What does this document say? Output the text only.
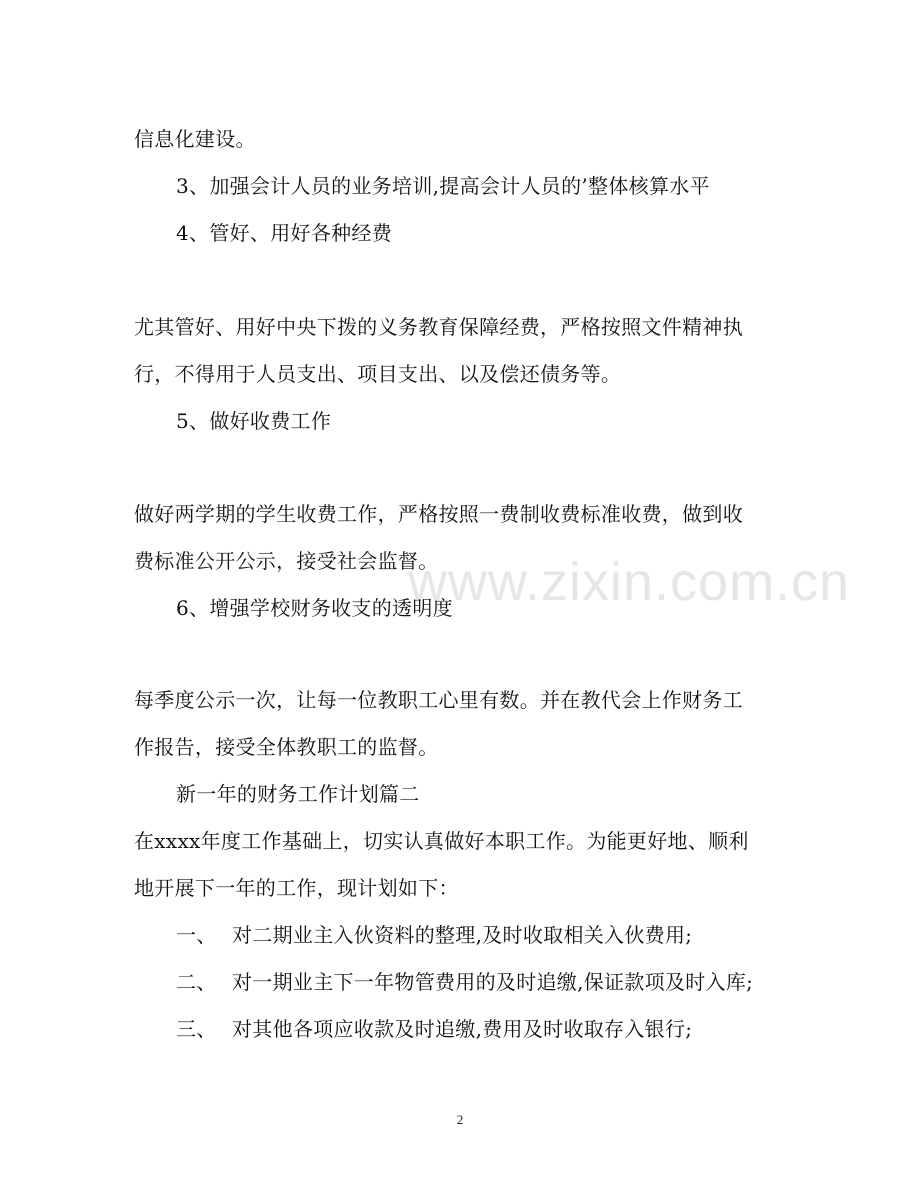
www.zixin.com.cn
信息化建设。
3、加强会计人员的业务培训,提高会计人员的’整体核算水平
4、管好、用好各种经费
尤其管好、用好中央下拨的义务教育保障经费，严格按照文件精神执
行，不得用于人员支出、项目支出、以及偿还债务等。
5、做好收费工作
做好两学期的学生收费工作，严格按照一费制收费标准收费，做到收
费标准公开公示，接受社会监督。
6、增强学校财务收支的透明度
每季度公示一次，让每一位教职工心里有数。并在教代会上作财务工
作报告，接受全体教职工的监督。
新一年的财务工作计划篇二
在xxxx年度工作基础上，切实认真做好本职工作。为能更好地、顺利
地开展下一年的工作，现计划如下：
一、 对二期业主入伙资料的整理,及时收取相关入伙费用;
二、 对一期业主下一年物管费用的及时追缴,保证款项及时入库;
三、 对其他各项应收款及时追缴,费用及时收取存入银行;
2
